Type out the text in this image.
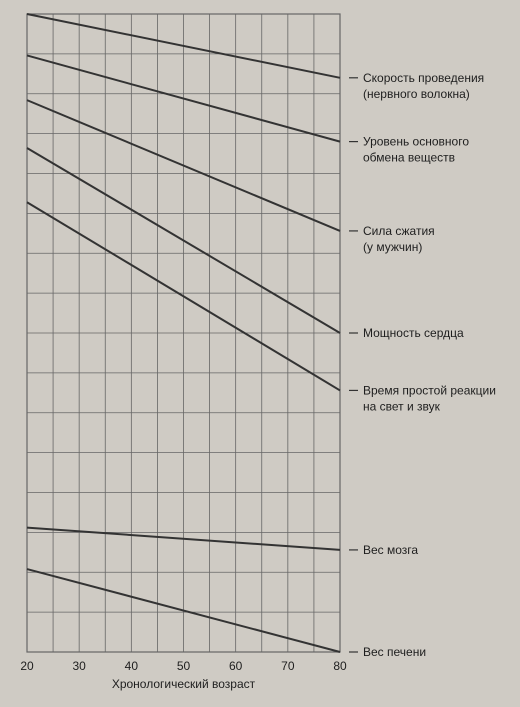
20	30	40	50	60	70	80
Хронологический возраст
Скорость проведения (нервного волокна)
Уровень основного обмена веществ
Сила сжатия (у мужчин)
Мощность сердца
Время простой реакции на свет и звук
Вес мозга
Вес печени
